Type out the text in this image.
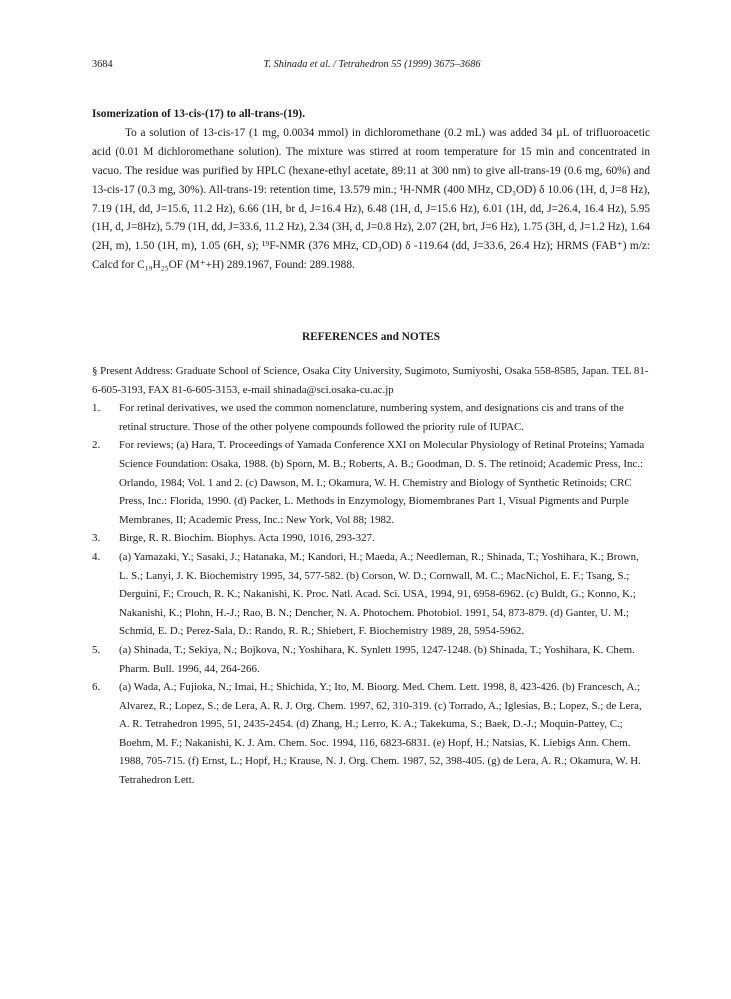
3684	T. Shinada et al. / Tetrahedron 55 (1999) 3675–3686

Isomerization of 13-cis-(17) to all-trans-(19).

To a solution of 13-cis-17 (1 mg, 0.0034 mmol) in dichloromethane (0.2 mL) was added 34 µL of trifluoroacetic acid (0.01 M dichloromethane solution). The mixture was stirred at room temperature for 15 min and concentrated in vacuo. The residue was purified by HPLC (hexane-ethyl acetate, 89:11 at 300 nm) to give all-trans-19 (0.6 mg, 60%) and 13-cis-17 (0.3 mg, 30%). All-trans-19: retention time, 13.579 min.; ¹H-NMR (400 MHz, CD₃OD) δ 10.06 (1H, d, J=8 Hz), 7.19 (1H, dd, J=15.6, 11.2 Hz), 6.66 (1H, br d, J=16.4 Hz), 6.48 (1H, d, J=15.6 Hz), 6.01 (1H, dd, J=26.4, 16.4 Hz), 5.95 (1H, d, J=8Hz), 5.79 (1H, dd, J=33.6, 11.2 Hz), 2.34 (3H, d, J=0.8 Hz), 2.07 (2H, brt, J=6 Hz), 1.75 (3H, d, J=1.2 Hz), 1.64 (2H, m), 1.50 (1H, m), 1.05 (6H, s); ¹⁹F-NMR (376 MHz, CD₃OD) δ -119.64 (dd, J=33.6, 26.4 Hz); HRMS (FAB⁺) m/z: Calcd for C₁₉H₂₅OF (M⁺+H) 289.1967, Found: 289.1988.

REFERENCES and NOTES

§ Present Address: Graduate School of Science, Osaka City University, Sugimoto, Sumiyoshi, Osaka 558-8585, Japan. TEL 81-6-605-3193, FAX 81-6-605-3153, e-mail shinada@sci.osaka-cu.ac.jp

1. For retinal derivatives, we used the common nomenclature, numbering system, and designations cis and trans of the retinal structure. Those of the other polyene compounds followed the priority rule of IUPAC.
2. For reviews; (a) Hara, T. Proceedings of Yamada Conference XXI on Molecular Physiology of Retinal Proteins; Yamada Science Foundation: Osaka, 1988. (b) Sporn, M. B.; Roberts, A. B.; Goodman, D. S. The retinoid; Academic Press, Inc.: Orlando, 1984; Vol. 1 and 2. (c) Dawson, M. I.; Okamura, W. H. Chemistry and Biology of Synthetic Retinoids; CRC Press, Inc.: Florida, 1990. (d) Packer, L. Methods in Enzymology, Biomembranes Part 1, Visual Pigments and Purple Membranes, II; Academic Press, Inc.: New York, Vol 88; 1982.
3. Birge, R. R. Biochim. Biophys. Acta 1990, 1016, 293-327.
4. (a) Yamazaki, Y.; Sasaki, J.; Hatanaka, M.; Kandori, H.; Maeda, A.; Needleman, R.; Shinada, T.; Yoshihara, K.; Brown, L. S.; Lanyi, J. K. Biochemistry 1995, 34, 577-582. (b) Corson, W. D.; Cornwall, M. C.; MacNichol, E. F.; Tsang, S.; Derguini, F.; Crouch, R. K.; Nakanishi, K. Proc. Natl. Acad. Sci. USA, 1994, 91, 6958-6962. (c) Buldt, G.; Konno, K.; Nakanishi, K.; Plohn, H.-J.; Rao, B. N.; Dencher, N. A. Photochem. Photobiol. 1991, 54, 873-879. (d) Ganter, U. M.; Schmid, E. D.; Perez-Sala, D.: Rando, R. R.; Shiebert, F. Biochemistry 1989, 28, 5954-5962.
5. (a) Shinada, T.; Sekiya, N.; Bojkova, N.; Yoshihara, K. Synlett 1995, 1247-1248. (b) Shinada, T.; Yoshihara, K. Chem. Pharm. Bull. 1996, 44, 264-266.
6. (a) Wada, A.; Fujioka, N.; Imai, H.; Shichida, Y.; Ito, M. Bioorg. Med. Chem. Lett. 1998, 8, 423-426. (b) Francesch, A.; Alvarez, R.; Lopez, S.; de Lera, A. R. J. Org. Chem. 1997, 62, 310-319. (c) Torrado, A.; Iglesias, B.; Lopez, S.; de Lera, A. R. Tetrahedron 1995, 51, 2435-2454. (d) Zhang, H.; Lerro, K. A.; Takekuma, S.; Baek, D.-J.; Moquin-Pattey, C.; Boehm, M. F.; Nakanishi, K. J. Am. Chem. Soc. 1994, 116, 6823-6831. (e) Hopf, H.; Natsias, K. Liebigs Ann. Chem. 1988, 705-715. (f) Ernst, L.; Hopf, H.; Krause, N. J. Org. Chem. 1987, 52, 398-405. (g) de Lera, A. R.; Okamura, W. H. Tetrahedron Lett.
